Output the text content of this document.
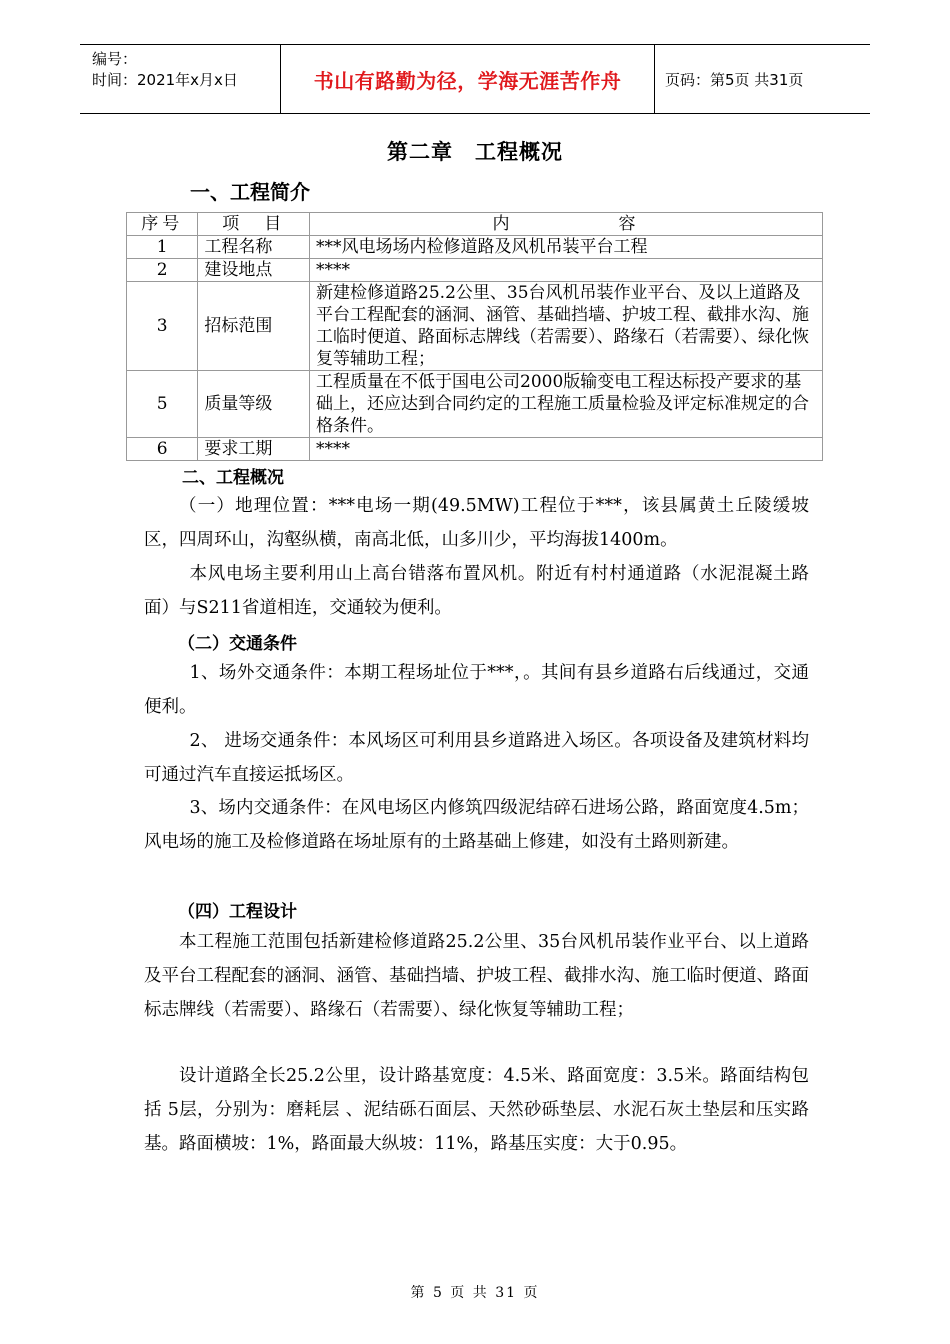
编号：
时间：2021年x月x日	书山有路勤为径，学海无涯苦作舟	页码：第5页 共31页
第二章　工程概况
一、工程简介
序号	项　目	内　　　　　容
1	工程名称	***风电场场内检修道路及风机吊装平台工程
2	建设地点	****
3	招标范围	新建检修道路25.2公里、35台风机吊装作业平台、及以上道路及平台工程配套的涵洞、涵管、基础挡墙、护坡工程、截排水沟、施工临时便道、路面标志牌线（若需要）、路缘石（若需要）、绿化恢复等辅助工程；
5	质量等级	工程质量在不低于国电公司2000版输变电工程达标投产要求的基础上，还应达到合同约定的工程施工质量检验及评定标准规定的合格条件。
6	要求工期	****
二、工程概况
（一）地理位置：***电场一期(49.5MW)工程位于***，该县属黄土丘陵缓坡区，四周环山，沟壑纵横，南高北低，山多川少，平均海拔1400m。
本风电场主要利用山上高台错落布置风机。附近有村村通道路（水泥混凝土路面）与S211省道相连，交通较为便利。
（二）交通条件
1、场外交通条件：本期工程场址位于***，。其间有县乡道路右后线通过，交通便利。
2、 进场交通条件：本风场区可利用县乡道路进入场区。各项设备及建筑材料均可通过汽车直接运抵场区。
3、场内交通条件：在风电场区内修筑四级泥结碎石进场公路，路面宽度4.5m；风电场的施工及检修道路在场址原有的土路基础上修建，如没有土路则新建。
（四）工程设计
本工程施工范围包括新建检修道路25.2公里、35台风机吊装作业平台、以上道路及平台工程配套的涵洞、涵管、基础挡墙、护坡工程、截排水沟、施工临时便道、路面标志牌线（若需要）、路缘石（若需要）、绿化恢复等辅助工程；
设计道路全长25.2公里，设计路基宽度：4.5米、路面宽度：3.5米。路面结构包括 5层，分别为：磨耗层 、泥结砾石面层、天然砂砾垫层、水泥石灰土垫层和压实路基。路面横坡：1%，路面最大纵坡：11%，路基压实度：大于0.95。
第 5 页 共 31 页
